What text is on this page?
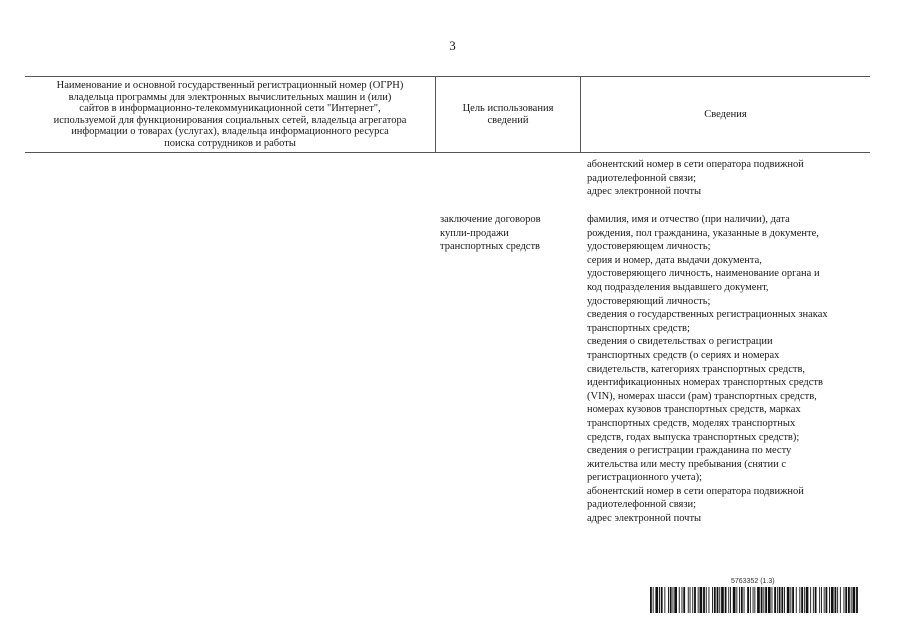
3
Наименование и основной государственный регистрационный номер (ОГРН)
владельца программы для электронных вычислительных машин и (или)
сайтов в информационно-телекоммуникационной сети "Интернет",
используемой для функционирования социальных сетей, владельца агрегатора
информации о товарах (услугах), владельца информационного ресурса
поиска сотрудников и работы
Цель использования
сведений
Сведения
абонентский номер в сети оператора подвижной
радиотелефонной связи;
адрес электронной почты
заключение договоров
купли-продажи
транспортных средств
фамилия, имя и отчество (при наличии), дата
рождения, пол гражданина, указанные в документе,
удостоверяющем личность;
серия и номер, дата выдачи документа,
удостоверяющего личность, наименование органа и
код подразделения выдавшего документ,
удостоверяющий личность;
сведения о государственных регистрационных знаках
транспортных средств;
сведения о свидетельствах о регистрации
транспортных средств (о сериях и номерах
свидетельств, категориях транспортных средств,
идентификационных номерах транспортных средств
(VIN), номерах шасси (рам) транспортных средств,
номерах кузовов транспортных средств, марках
транспортных средств, моделях транспортных
средств, годах выпуска транспортных средств);
сведения о регистрации гражданина по месту
жительства или месту пребывания (снятии с
регистрационного учета);
абонентский номер в сети оператора подвижной
радиотелефонной связи;
адрес электронной почты
5763352 (1.3)
